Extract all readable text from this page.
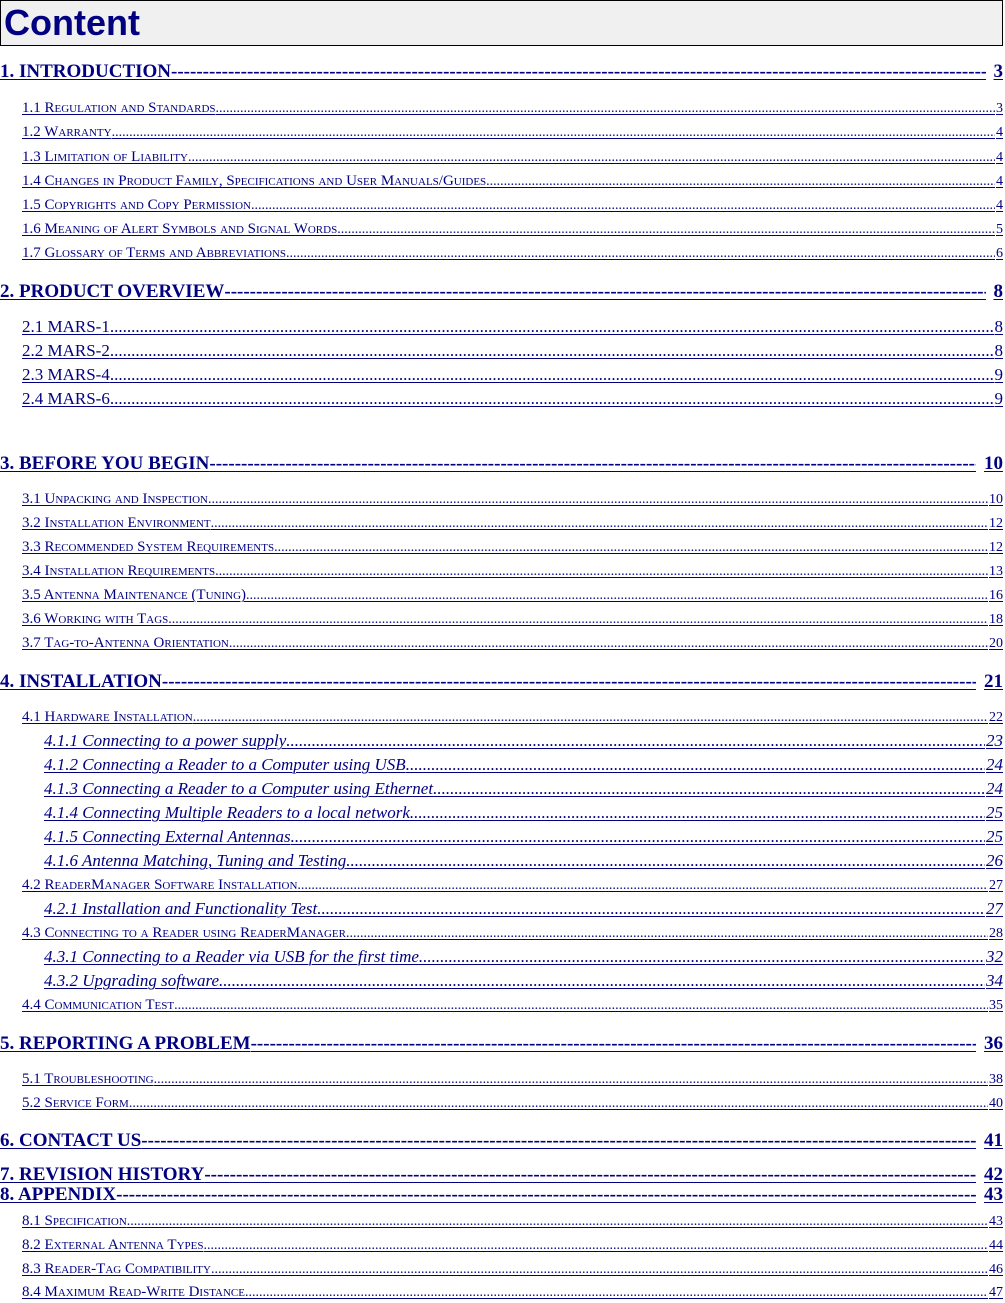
Content
1. INTRODUCTION -----	3
1.1 Regulation and Standards .....	3
1.2 Warranty .....	4
1.3 Limitation of Liability .....	4
1.4 Changes in Product Family, Specifications and User Manuals/Guides .....	4
1.5 Copyrights and Copy Permission .....	4
1.6 Meaning of Alert Symbols and Signal Words .....	5
1.7 Glossary of Terms and Abbreviations .....	6
2. PRODUCT OVERVIEW -----	8
2.1 MARS-1 .....	8
2.2 MARS-2 .....	8
2.3 MARS-4 .....	9
2.4 MARS-6 .....	9
3. BEFORE YOU BEGIN -----	10
3.1 Unpacking and Inspection .....	10
3.2 Installation Environment .....	12
3.3 Recommended System Requirements .....	12
3.4 Installation Requirements .....	13
3.5 Antenna Maintenance (Tuning) .....	16
3.6 Working with Tags .....	18
3.7 Tag-to-Antenna Orientation .....	20
4. INSTALLATION -----	21
4.1 Hardware Installation .....	22
4.1.1 Connecting to a power supply .....	23
4.1.2 Connecting a Reader to a Computer using USB .....	24
4.1.3 Connecting a Reader to a Computer using Ethernet .....	24
4.1.4 Connecting Multiple Readers to a local network .....	25
4.1.5 Connecting External Antennas .....	25
4.1.6 Antenna Matching, Tuning and Testing .....	26
4.2 ReaderManager Software Installation .....	27
4.2.1 Installation and Functionality Test .....	27
4.3 Connecting to a Reader using ReaderManager .....	28
4.3.1 Connecting to a Reader via USB for the first time .....	32
4.3.2 Upgrading software .....	34
4.4 Communication Test .....	35
5. REPORTING A PROBLEM -----	36
5.1 Troubleshooting .....	38
5.2 Service Form .....	40
6. CONTACT US -----	41
7. REVISION HISTORY -----	42
8. APPENDIX -----	43
8.1 Specification .....	43
8.2 External Antenna Types .....	44
8.3 Reader-Tag Compatibility .....	46
8.4 Maximum Read-Write Distance .....	47
